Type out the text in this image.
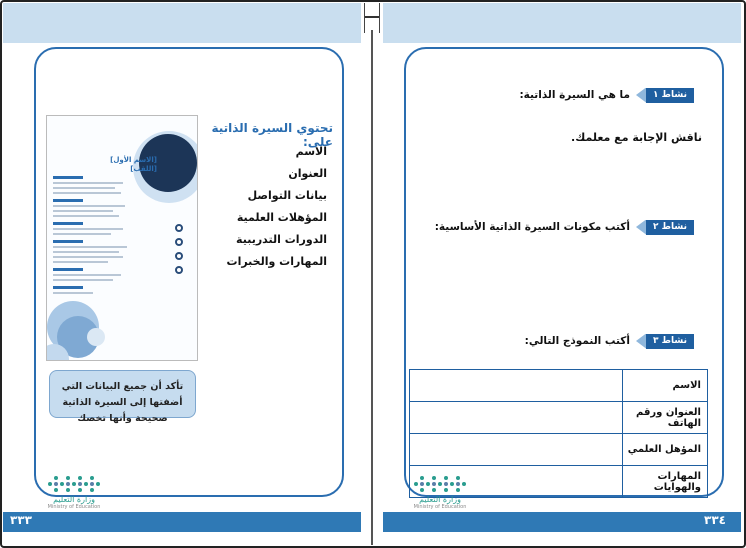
[الاسم الأول]
[اللقب]
تحتوي السيرة الذاتية على:
الاسم
العنوان
بيانات التواصل
المؤهلات العلمية
الدورات التدريبية
المهارات والخبرات
تأكد أن جميع البيانات التي أضفتها إلى السيرة الذاتية صحيحة وأنها تخصك
وزارة التعليم
Ministry of Education
نشاط ١
ما هي السيرة الذاتية:
ناقش الإجابة مع معلمك.
نشاط ٢
أكتب مكونات السيرة الذاتية الأساسية:
نشاط ٣
أكتب النموذج التالي:
الاسم	
العنوان ورقم الهاتف	
المؤهل العلمي	
المهارات والهوايات	
وزارة التعليم
Ministry of Education
٣٣٣	٣٣٤
